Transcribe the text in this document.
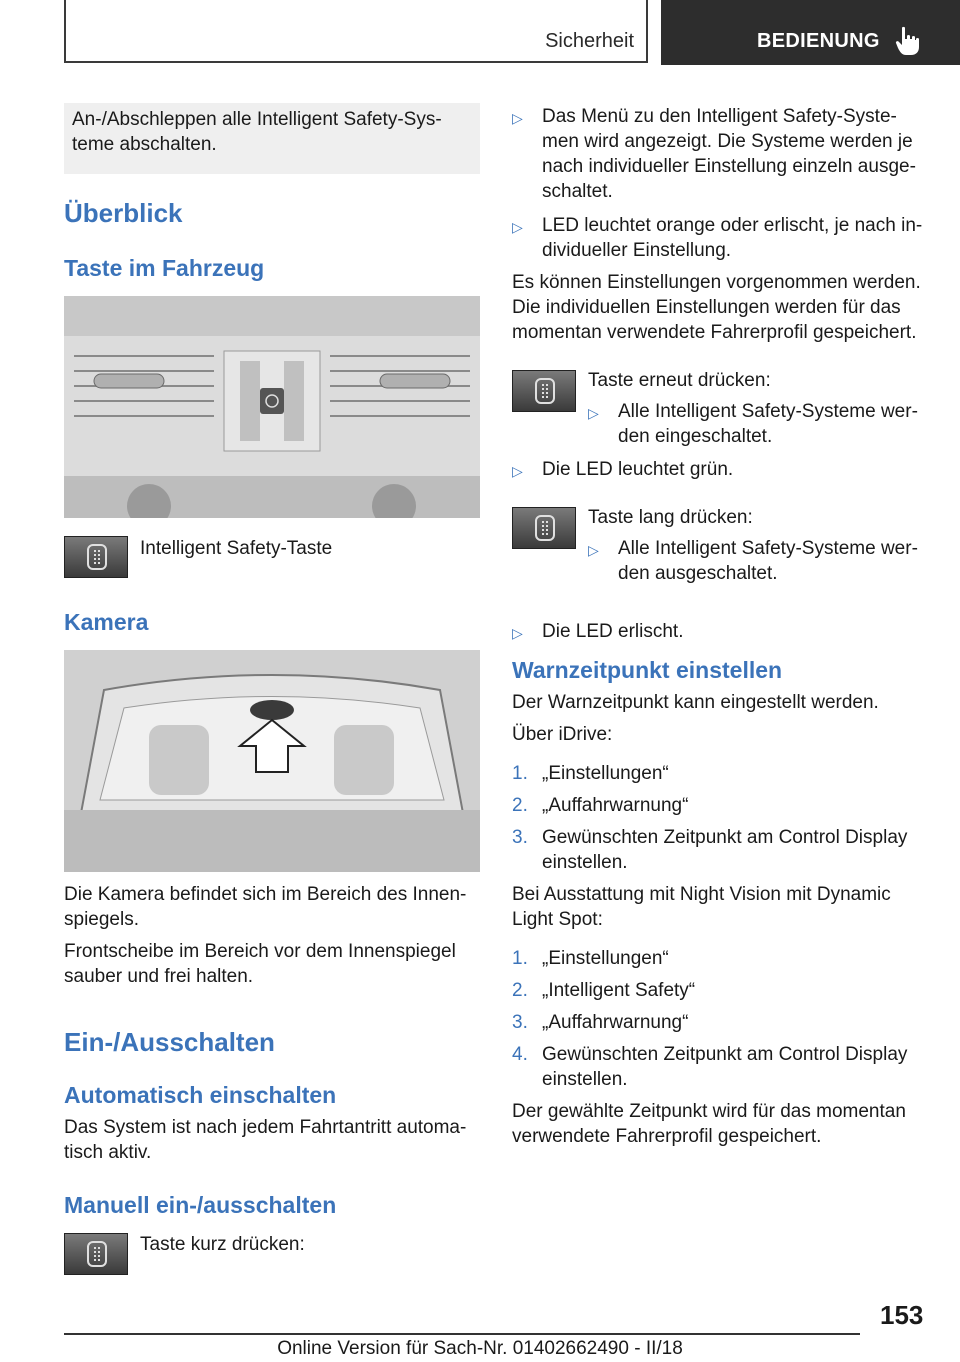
Sicherheit	BEDIENUNG

An-/Abschleppen alle Intelligent Safety-Sys-

teme abschalten.

Überblick
Taste im Fahrzeug
Intelligent Safety-Taste
Kamera

Die Kamera befindet sich im Bereich des Innen-

spiegels.

Frontscheibe im Bereich vor dem Innenspiegel

sauber und frei halten.

Ein-/Ausschalten
Automatisch einschalten

Das System ist nach jedem Fahrtantritt automa-

tisch aktiv.

Manuell ein-/ausschalten
Taste kurz drücken:
▷ Das Menü zu den Intelligent Safety-Syste-

men wird angezeigt. Die Systeme werden je

nach individueller Einstellung einzeln ausge-

schaltet.

▷ LED leuchtet orange oder erlischt, je nach in-

dividueller Einstellung.

Es können Einstellungen vorgenommen werden.

Die individuellen Einstellungen werden für das

momentan verwendete Fahrerprofil gespeichert.

Taste erneut drücken:

▷ Alle Intelligent Safety-Systeme wer-

den eingeschaltet.

▷ Die LED leuchtet grün.

Taste lang drücken:

▷ Alle Intelligent Safety-Systeme wer-

den ausgeschaltet.

▷ Die LED erlischt.

Warnzeitpunkt einstellen

Der Warnzeitpunkt kann eingestellt werden.

Über iDrive:

1. „Einstellungen“

2. „Auffahrwarnung“

3. Gewünschten Zeitpunkt am Control Display

einstellen.

Bei Ausstattung mit Night Vision mit Dynamic

Light Spot:

1. „Einstellungen“

2. „Intelligent Safety“

3. „Auffahrwarnung“

4. Gewünschten Zeitpunkt am Control Display

einstellen.

Der gewählte Zeitpunkt wird für das momentan

verwendete Fahrerprofil gespeichert.

153
Online Version für Sach-Nr. 01402662490 - II/18
